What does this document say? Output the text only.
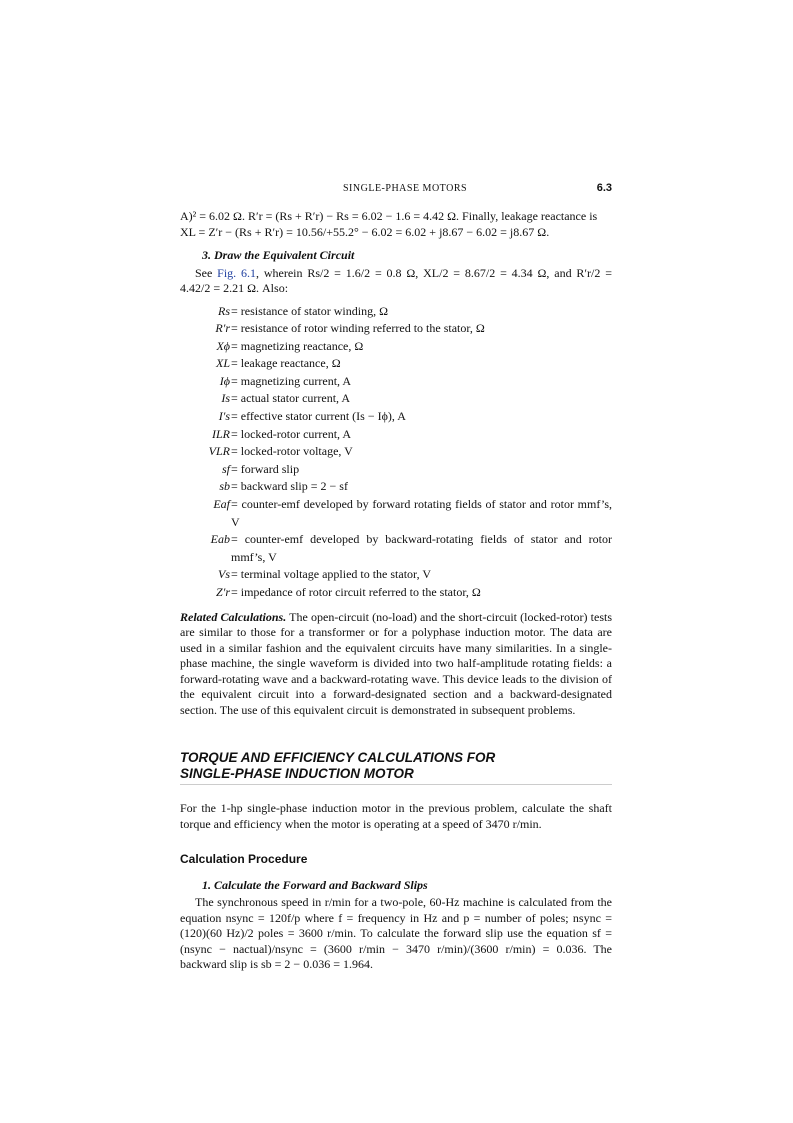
SINGLE-PHASE MOTORS	6.3

A)² = 6.02 Ω. R′r = (Rs + R′r) − Rs = 6.02 − 1.6 = 4.42 Ω. Finally, leakage reactance is

XL = Z′r − (Rs + R′r) = 10.56/+55.2° − 6.02 = 6.02 + j8.67 − 6.02 = j8.67 Ω.

3. Draw the Equivalent Circuit

See Fig. 6.1, wherein Rs/2 = 1.6/2 = 0.8 Ω, XL/2 = 8.67/2 = 4.34 Ω, and R′r/2 = 4.42/2 = 2.21 Ω. Also:

Rs = resistance of stator winding, Ω
R′r = resistance of rotor winding referred to the stator, Ω
Xϕ = magnetizing reactance, Ω
XL = leakage reactance, Ω
Iϕ = magnetizing current, A
Is = actual stator current, A
I′s = effective stator current (Is − Iϕ), A
ILR = locked-rotor current, A
VLR = locked-rotor voltage, V
sf = forward slip
sb = backward slip = 2 − sf
Eaf = counter-emf developed by forward rotating fields of stator and rotor mmf’s, V
Eab = counter-emf developed by backward-rotating fields of stator and rotor mmf’s, V
Vs = terminal voltage applied to the stator, V
Z′r = impedance of rotor circuit referred to the stator, Ω

Related Calculations. The open-circuit (no-load) and the short-circuit (locked-rotor) tests are similar to those for a transformer or for a polyphase induction motor. The data are used in a similar fashion and the equivalent circuits have many similarities. In a single-phase machine, the single waveform is divided into two half-amplitude rotating fields: a forward-rotating wave and a backward-rotating wave. This device leads to the division of the equivalent circuit into a forward-designated section and a backward-designated section. The use of this equivalent circuit is demonstrated in subsequent problems.

TORQUE AND EFFICIENCY CALCULATIONS FOR
SINGLE-PHASE INDUCTION MOTOR

For the 1-hp single-phase induction motor in the previous problem, calculate the shaft torque and efficiency when the motor is operating at a speed of 3470 r/min.

Calculation Procedure

1. Calculate the Forward and Backward Slips

The synchronous speed in r/min for a two-pole, 60-Hz machine is calculated from the equation nsync = 120f/p where f = frequency in Hz and p = number of poles; nsync = (120)(60 Hz)/2 poles = 3600 r/min. To calculate the forward slip use the equation sf = (nsync − nactual)/nsync = (3600 r/min − 3470 r/min)/(3600 r/min) = 0.036. The backward slip is sb = 2 − 0.036 = 1.964.
